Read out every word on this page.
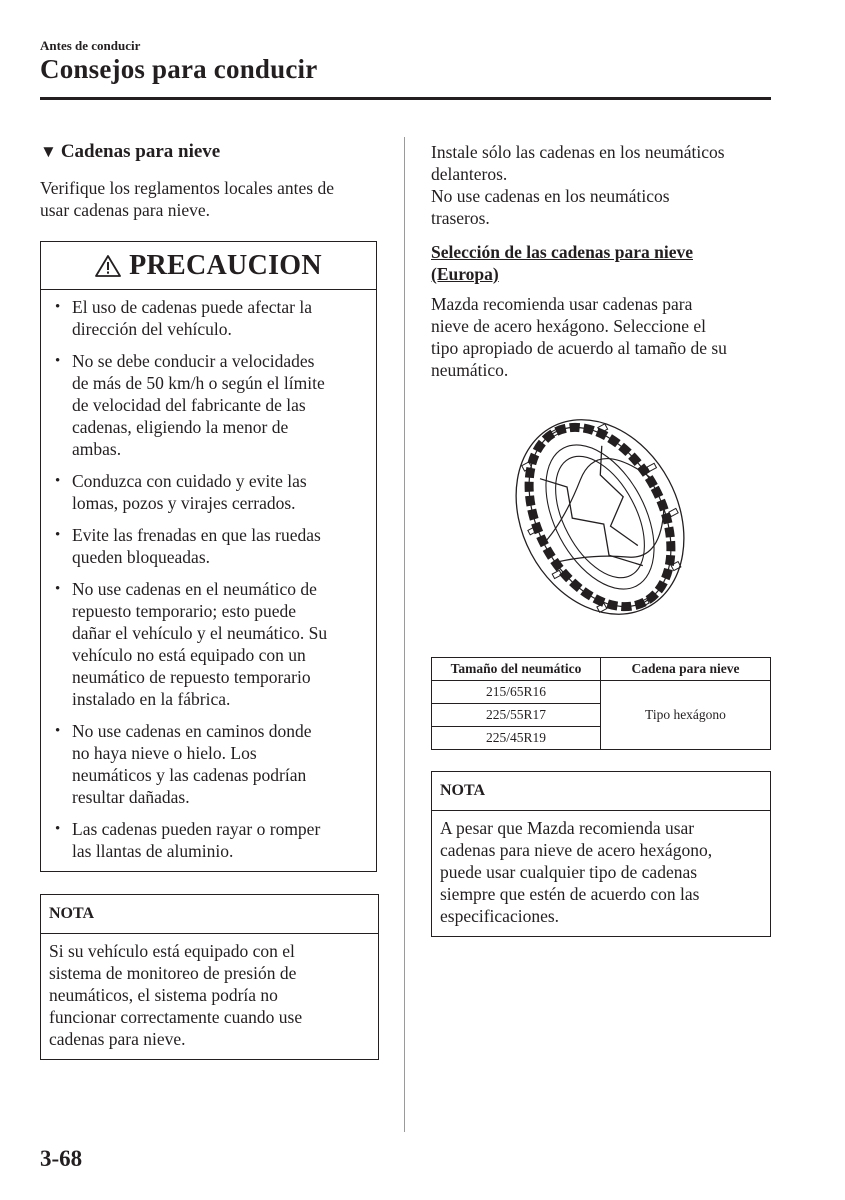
Antes de conducir
Consejos para conducir
▼ Cadenas para nieve
Verifique los reglamentos locales antes de
usar cadenas para nieve.
PRECAUCION
• El uso de cadenas puede afectar la
dirección del vehículo.
• No se debe conducir a velocidades
de más de 50 km/h o según el límite
de velocidad del fabricante de las
cadenas, eligiendo la menor de
ambas.
• Conduzca con cuidado y evite las
lomas, pozos y virajes cerrados.
• Evite las frenadas en que las ruedas
queden bloqueadas.
• No use cadenas en el neumático de
repuesto temporario; esto puede
dañar el vehículo y el neumático. Su
vehículo no está equipado con un
neumático de repuesto temporario
instalado en la fábrica.
• No use cadenas en caminos donde
no haya nieve o hielo. Los
neumáticos y las cadenas podrían
resultar dañadas.
• Las cadenas pueden rayar o romper
las llantas de aluminio.
NOTA
Si su vehículo está equipado con el
sistema de monitoreo de presión de
neumáticos, el sistema podría no
funcionar correctamente cuando use
cadenas para nieve.
Instale sólo las cadenas en los neumáticos
delanteros.
No use cadenas en los neumáticos
traseros.
Selección de las cadenas para nieve
(Europa)
Mazda recomienda usar cadenas para
nieve de acero hexágono. Seleccione el
tipo apropiado de acuerdo al tamaño de su
neumático.
Tamaño del neumático	Cadena para nieve
215/65R16	Tipo hexágono
225/55R17	
225/45R19	
NOTA
A pesar que Mazda recomienda usar
cadenas para nieve de acero hexágono,
puede usar cualquier tipo de cadenas
siempre que estén de acuerdo con las
especificaciones.
3-68
